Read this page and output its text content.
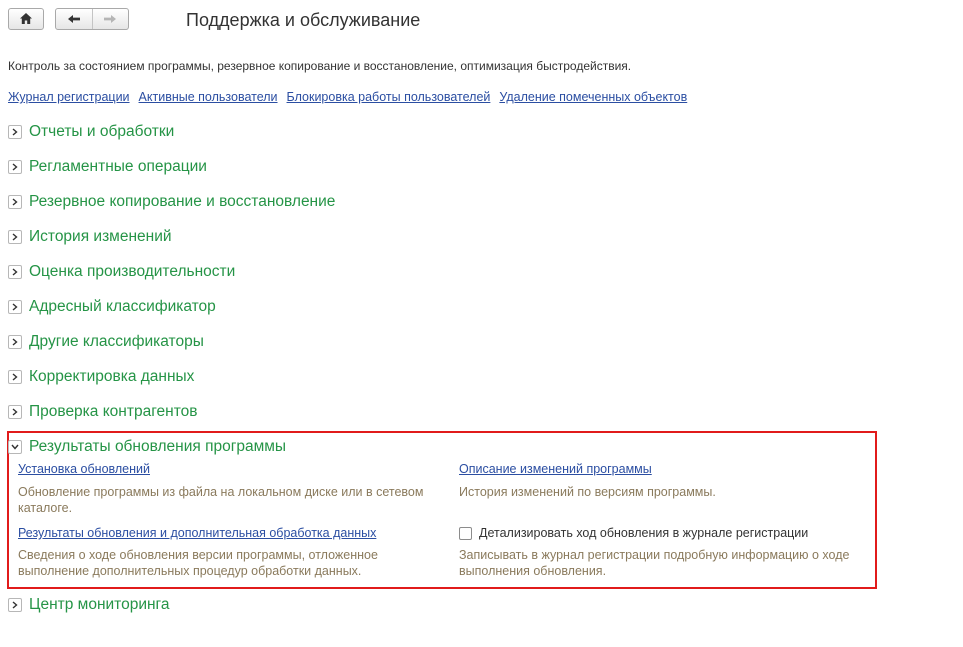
Поддержка и обслуживание
Контроль за состоянием программы, резервное копирование и восстановление, оптимизация быстродействия.
Журнал регистрации Активные пользователи Блокировка работы пользователей Удаление помеченных объектов
Отчеты и обработки
Регламентные операции
Резервное копирование и восстановление
История изменений
Оценка производительности
Адресный классификатор
Другие классификаторы
Корректировка данных
Проверка контрагентов
Результаты обновления программы
Установка обновлений
Обновление программы из файла на локальном диске или в сетевом
каталоге.
Описание изменений программы
История изменений по версиям программы.
Результаты обновления и дополнительная обработка данных
Сведения о ходе обновления версии программы, отложенное
выполнение дополнительных процедур обработки данных.
Детализировать ход обновления в журнале регистрации
Записывать в журнал регистрации подробную информацию о ходе
выполнения обновления.
Центр мониторинга
